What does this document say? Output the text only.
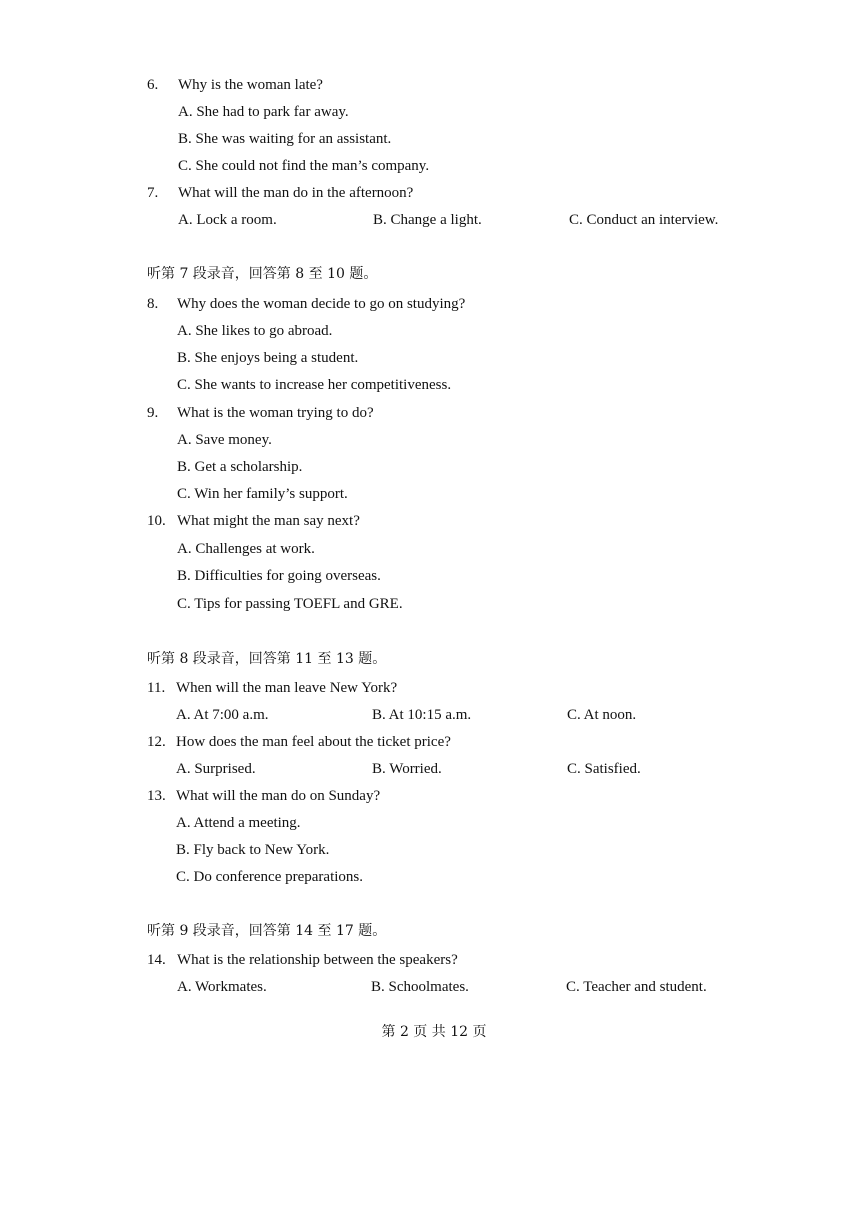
6. Why is the woman late?
A. She had to park far away.
B. She was waiting for an assistant.
C. She could not find the man’s company.
7. What will the man do in the afternoon?
A. Lock a room.	B. Change a light.	C. Conduct an interview.
听第 7 段录音，回答第 8 至 10 题。
8. Why does the woman decide to go on studying?
A. She likes to go abroad.
B. She enjoys being a student.
C. She wants to increase her competitiveness.
9. What is the woman trying to do?
A. Save money.
B. Get a scholarship.
C. Win her family’s support.
10. What might the man say next?
A. Challenges at work.
B. Difficulties for going overseas.
C. Tips for passing TOEFL and GRE.
听第 8 段录音，回答第 11 至 13 题。
11. When will the man leave New York?
A. At 7:00 a.m.	B. At 10:15 a.m.	C. At noon.
12. How does the man feel about the ticket price?
A. Surprised.	B. Worried.	C. Satisfied.
13. What will the man do on Sunday?
A. Attend a meeting.
B. Fly back to New York.
C. Do conference preparations.
听第 9 段录音，回答第 14 至 17 题。
14. What is the relationship between the speakers?
A. Workmates.	B. Schoolmates.	C. Teacher and student.
第 2 页 共 12 页
